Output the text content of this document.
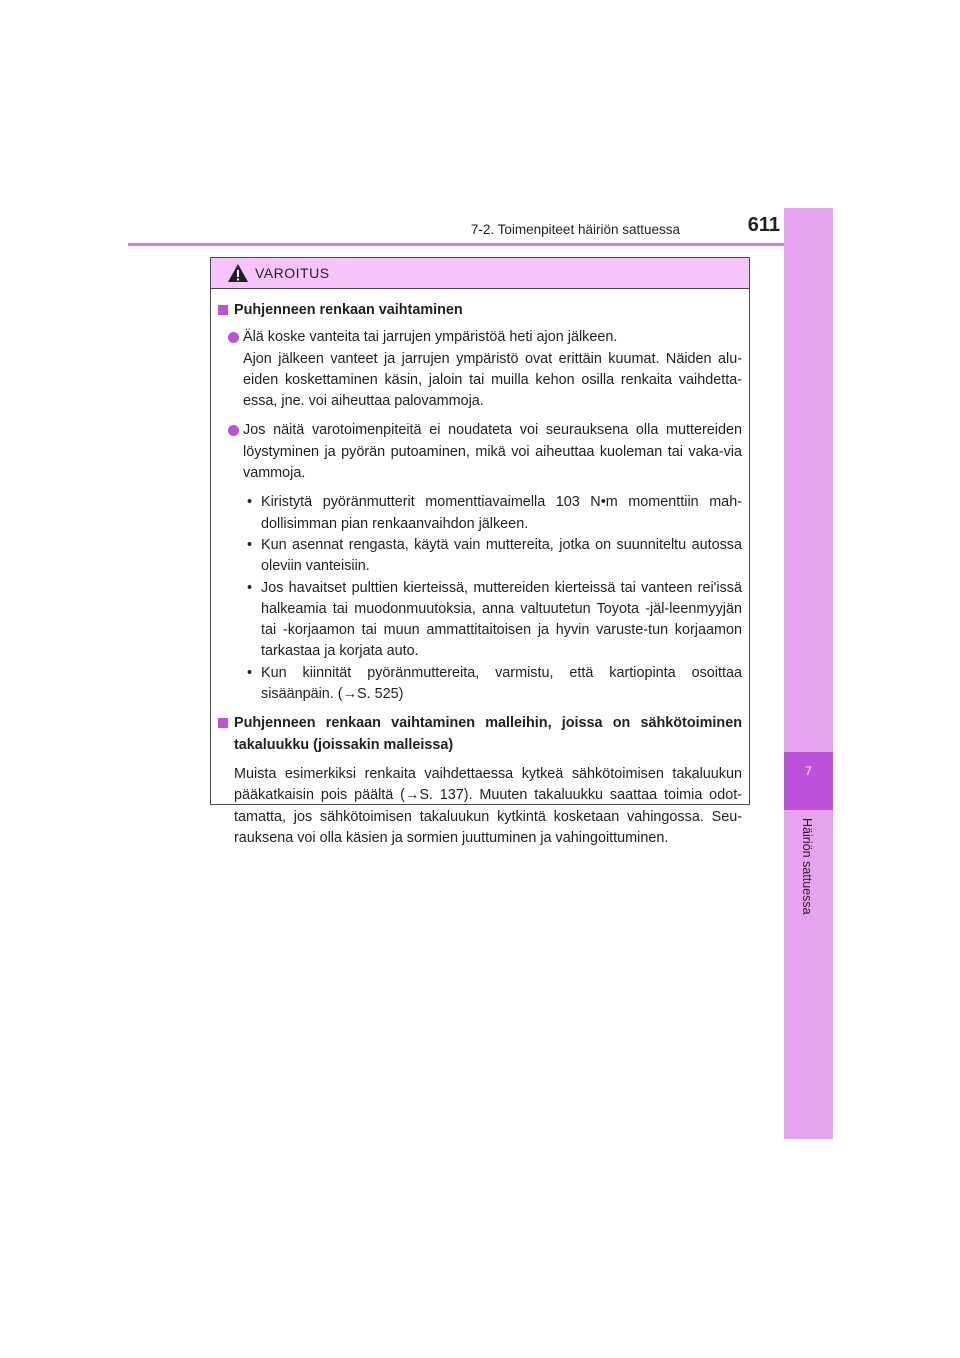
7-2. Toimenpiteet häiriön sattuessa	611
7
Häiriön sattuessa
VAROITUS

Puhjenneen renkaan vaihtaminen

Älä koske vanteita tai jarrujen ympäristöä heti ajon jälkeen.
Ajon jälkeen vanteet ja jarrujen ympäristö ovat erittäin kuumat. Näiden alu-eiden koskettaminen käsin, jaloin tai muilla kehon osilla renkaita vaihdetta-essa, jne. voi aiheuttaa palovammoja.

Jos näitä varotoimenpiteitä ei noudateta voi seurauksena olla muttereiden löystyminen ja pyörän putoaminen, mikä voi aiheuttaa kuoleman tai vaka-via vammoja.

• Kiristytä pyöränmutterit momenttiavaimella 103 N•m momenttiin mah-dollisimman pian renkaanvaihdon jälkeen.

• Kun asennat rengasta, käytä vain muttereita, jotka on suunniteltu autossa oleviin vanteisiin.

• Jos havaitset pulttien kierteissä, muttereiden kierteissä tai vanteen rei'issä halkeamia tai muodonmuutoksia, anna valtuutetun Toyota -jäl-leenmyyjän tai -korjaamon tai muun ammattitaitoisen ja hyvin varuste-tun korjaamon tarkastaa ja korjata auto.

• Kun kiinnität pyöränmuttereita, varmistu, että kartiopinta osoittaa sisäänpäin. (→S. 525)

Puhjenneen renkaan vaihtaminen malleihin, joissa on sähkötoiminen takaluukku (joissakin malleissa)

Muista esimerkiksi renkaita vaihdettaessa kytkeä sähkötoimisen takaluukun pääkatkaisin pois päältä (→S. 137). Muuten takaluukku saattaa toimia odot-tamatta, jos sähkötoimisen takaluukun kytkintä kosketaan vahingossa. Seu-rauksena voi olla käsien ja sormien juuttuminen ja vahingoittuminen.
